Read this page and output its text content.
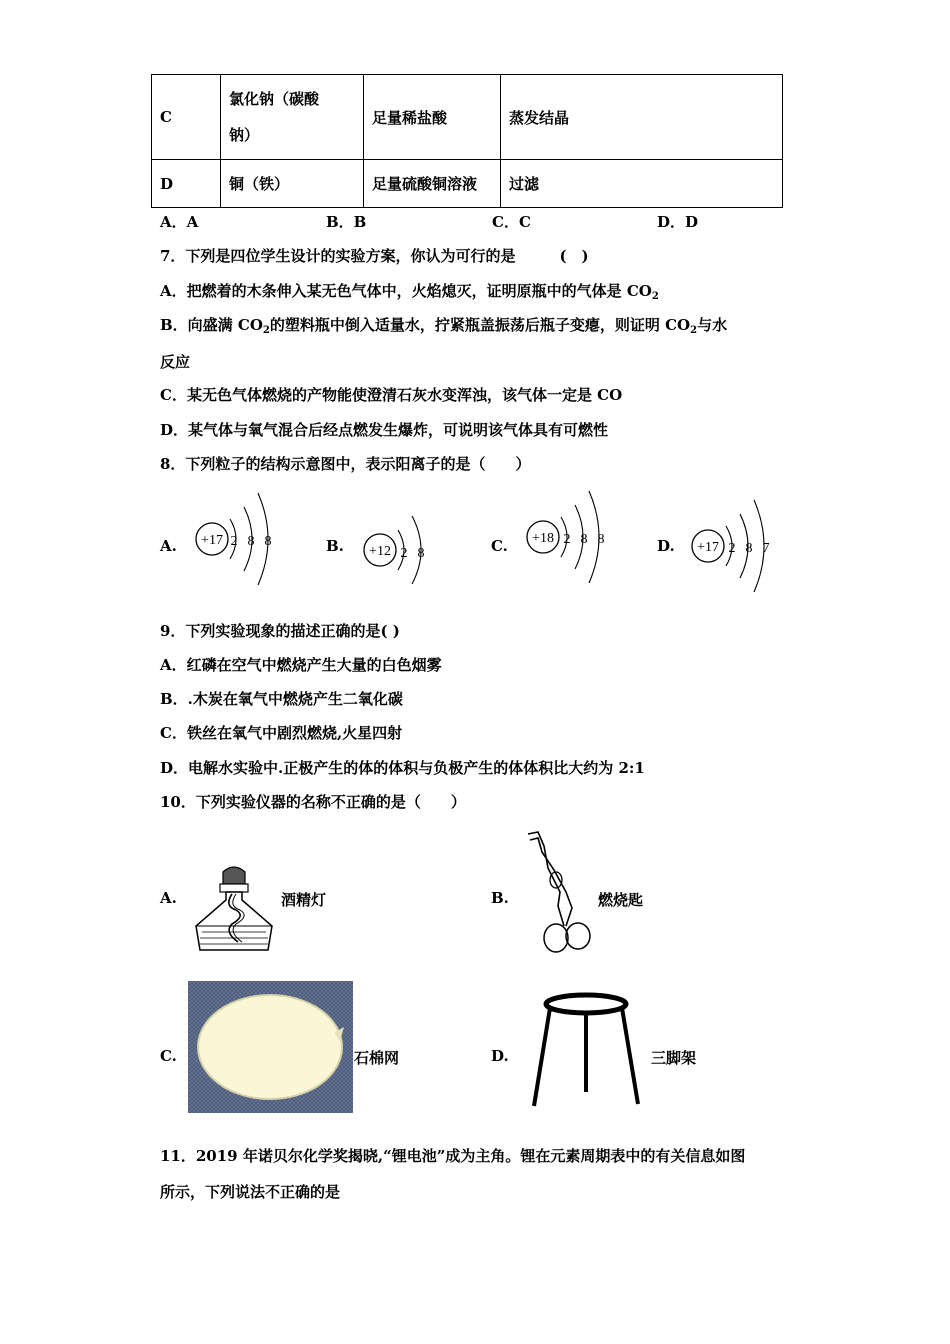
C	氯化钠（碳酸
钠）	足量稀盐酸	蒸发结晶
D	铜（铁）	足量硫酸铜溶液	过滤
A．A	B．B	C．C	D．D
7．下列是四位学生设计的实验方案，你认为可行的是	(　)
A．把燃着的木条伸入某无色气体中，火焰熄灭，证明原瓶中的气体是 $CO_2$
B．向盛满 $CO_2$的塑料瓶中倒入适量水，拧紧瓶盖振荡后瓶子变瘪，则证明 $CO_2$与水
反应
C．某无色气体燃烧的产物能使澄清石灰水变浑浊，该气体一定是 CO
D．某气体与氧气混合后经点燃发生爆炸，可说明该气体具有可燃性
8．下列粒子的结构示意图中，表示阳离子的是（　　）
A. +17 2 8 8	B. +12 2 8	C. +18 2 8 8	D. +17 2 8 7
9．下列实验现象的描述正确的是( )
A．红磷在空气中燃烧产生大量的白色烟雾
B．.木炭在氧气中燃烧产生二氧化碳
C．铁丝在氧气中剧烈燃烧,火星四射
D．电解水实验中.正极产生的体的体积与负极产生的体体积比大约为 2:1
10．下列实验仪器的名称不正确的是（　　）
A.	酒精灯	B.	燃烧匙
C.	石棉网	D.	三脚架
11．2019 年诺贝尔化学奖揭晓,“锂电池”成为主角。锂在元素周期表中的有关信息如图
所示，下列说法不正确的是
